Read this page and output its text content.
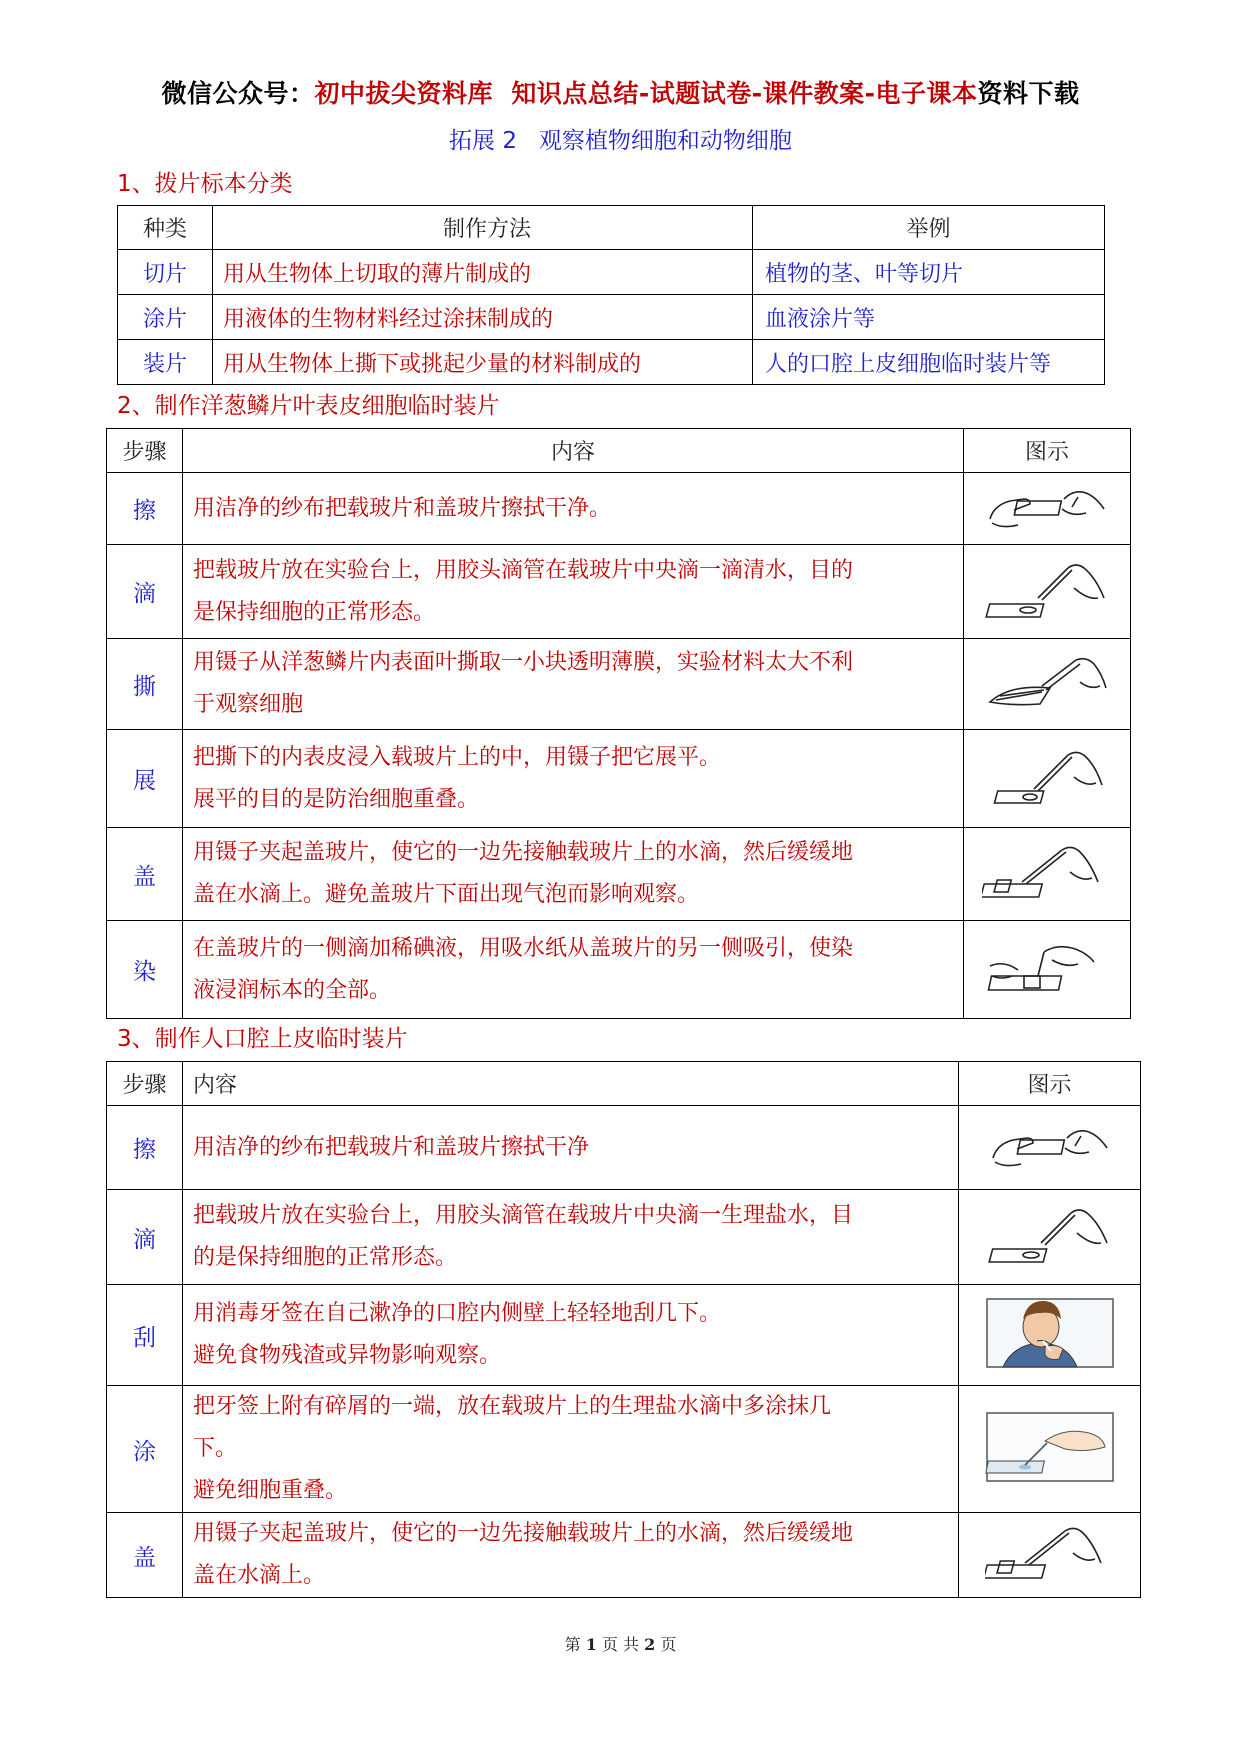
微信公众号：初中拔尖资料库  知识点总结-试题试卷-课件教案-电子课本资料下载
拓展 2   观察植物细胞和动物细胞
1、拨片标本分类
种类	制作方法	举例
切片	用从生物体上切取的薄片制成的	植物的茎、叶等切片
涂片	用液体的生物材料经过涂抹制成的	血液涂片等
装片	用从生物体上撕下或挑起少量的材料制成的	人的口腔上皮细胞临时装片等
2、制作洋葱鳞片叶表皮细胞临时装片
步骤	内容	图示
擦	用洁净的纱布把载玻片和盖玻片擦拭干净。

滴	把载玻片放在实验台上，用胶头滴管在载玻片中央滴一滴清水，目的
是保持细胞的正常形态。

撕	用镊子从洋葱鳞片内表面叶撕取一小块透明薄膜，实验材料太大不利
于观察细胞

展	把撕下的内表皮浸入载玻片上的中，用镊子把它展平。
展平的目的是防治细胞重叠。

盖	用镊子夹起盖玻片，使它的一边先接触载玻片上的水滴，然后缓缓地
盖在水滴上。避免盖玻片下面出现气泡而影响观察。

染	在盖玻片的一侧滴加稀碘液，用吸水纸从盖玻片的另一侧吸引，使染
液浸润标本的全部。

3、制作人口腔上皮临时装片
步骤	内容	图示
擦	用洁净的纱布把载玻片和盖玻片擦拭干净

滴	把载玻片放在实验台上，用胶头滴管在载玻片中央滴一生理盐水，目
的是保持细胞的正常形态。

刮	用消毒牙签在自己漱净的口腔内侧壁上轻轻地刮几下。
避免食物残渣或异物影响观察。

涂	把牙签上附有碎屑的一端，放在载玻片上的生理盐水滴中多涂抹几
下。
避免细胞重叠。

盖	用镊子夹起盖玻片，使它的一边先接触载玻片上的水滴，然后缓缓地
盖在水滴上。

第 1 页 共 2 页
